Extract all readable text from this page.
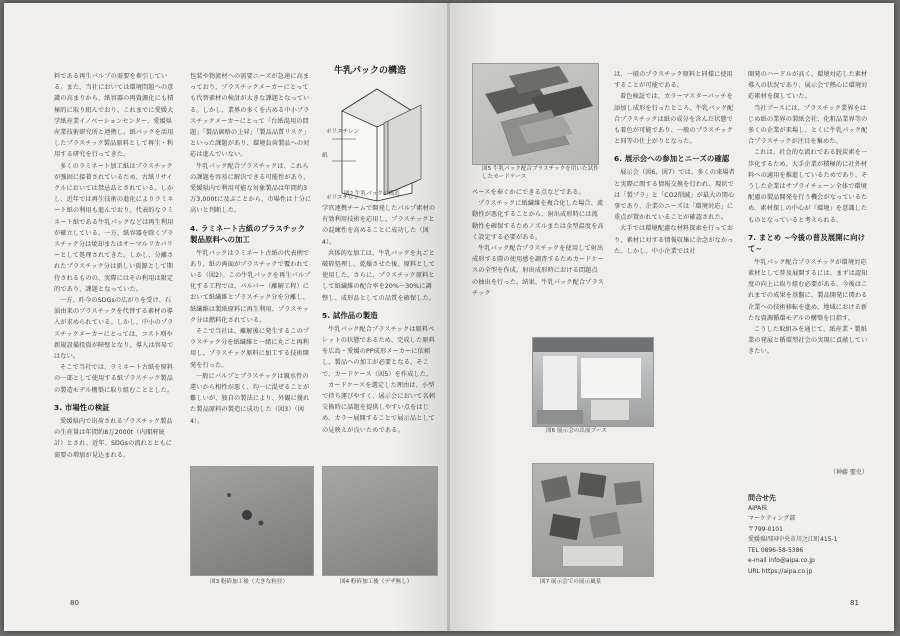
料である再生パルプの需要を牽引している。また、当社においては環境問題への意識の高まりから、紙容器の再資源化にも積極的に取り組んでおり、これまでに愛媛大学紙産業イノベーションセンター、愛媛県産業技術研究所と連携し、紙パックを活用したプラスチック製品原料として再生・利用する研究を行ってきた。

多くのラミネート加工紙はプラスチックが強固に接着されているため、古紙リサイクルにおいては禁忌品とされている。しかし、近年では再生技術の進化によりラミネート紙の利用も進んでおり、代表的なラミネート紙である牛乳パックなどは再生利用が確立している。一方、紙容器を除くプラスチック分は焼却またはサーマルリカバリーとして処理されてきた。しかし、分離されたプラスチック分は新しい資源として期待されるものの、実際にはその利用は限定的であり、課題となっていた。

一方、昨今のSDGsの広がりを受け、石油由来のプラスチックを代替する素材の導入が求められている。しかし、中小のプラスチックメーカーにとっては、コスト増や新規設備投資が障壁となり、導入は容易ではない。

そこで当社では、ラミネート古紙を原料の一部として使用する紙プラスチック製品の製造モデル構築に取り組むこととした。

3. 市場性の検証

愛媛県内で出荷されるプラスチック製品の生産量は年間約8万2000t（内閣府統計）とされ、近年、SDGsの流れとともに需要の増加が見込まれる。

包装や物流材への需要ニーズが急速に高まっており、プラスチックメーカーにとっても代替素材の検討が大きな課題となっている。しかし、業界の多くを占める中小プラスチックメーカーにとって「台紙混用の問題」「製品価格の上昇」「製品品質リスク」といった課題があり、環境負荷製品への対応は進んでいない。

牛乳パック配合プラスチックは、これらの課題を容易に解決できる可能性があり、愛媛県内で利用可能な対象製品は年間約3万3,000tに及ぶことから、市場性は十分に高いと判断した。

4. ラミネート古紙のプラスチック製品原料への加工

牛乳パックはラミネート古紙の代表例であり、紙の両面がプラスチックで覆われている（図2）。この牛乳パックを再生パルプ化する工程では、パルパー（離解工程）において紙繊維とプラスチック分を分離し、紙繊維は製紙原料に再生利用、プラスチック分は燃料化されている。

そこで当社は、離解後に発生するこのプラスチック分を紙繊維と一緒に丸ごと再利用し、プラスチック原料に加工する技術開発を行った。

一般にパルプとプラスチックは親水性の違いから相性が悪く、均一に混ぜることが難しいが、独自の製法により、外観に優れた製品原料の製造に成功した（図3）（図4）。

牛乳パックの構造
ポリエチレン
紙
ポリエチレン
図2 牛乳パックの構造

学官連携チームで開発したパルプ素材の有効利用技術を応用し、プラスチックとの混練性を高めることに成功した（図4）。

共体的な加工は、牛乳パックを丸ごと破砕処理し、乾燥させた後、原料として使用した。さらに、プラスチック原料として紙繊維の配合率を20%～30%に調整し、成形品としての品質を確保した。

5. 試作品の製造

牛乳パック配合プラスチックは原料ペレットの状態であるため、完成した原料を広島・愛媛のPP成形メーカーに依頼し、製品への加工が必要となる。そこで、カードケース（図5）を作成した。

カードケースを選定した理由は、小型で持ち運びやすく、展示会において名刺交換時に話題を提供しやすい点をはじめ、カラー展開することで展示品としての見映えが良いためである。

図3 粉砕加工後（大きな粒径）	図4 粉砕加工後（デザ無し）
80
図5 牛乳パック配合プラスチックを用いた試作したカードケース

ペースを奉ぐかにできる点などである。

プラスチックに紙繊維を複合化した場合、流動性が悪化することから、射出成形時には流動性を確保するためノズルまたは金型温度を高く設定する必要がある。

牛乳パック配合プラスチックを使用して射出成形する際の使用感を調査するためカードケースの全型を作成。射出成形時における問題点の抽出を行った。結果、牛乳パック配合プラスチック

は、一般のプラスチック原料と同様に使用することが可能である。

着色検証では、カラーマスターバッチを添加し成形を行ったところ、牛乳パック配合プラスチックは紙の成分を含んだ状態でも着色が可能であり、一般のプラスチックと同等の仕上がりとなった。

6. 展示会への参加とニーズの確認

展示会（図6、図7）では、多くの来場者と実際に関する情報交換を行われ、現状では「製プラ」と「CO2削減」が最大の関心事であり、企業のニーズは「環境対応」に重点が置かれていることが確認された。

大手では環境配慮な材料探索を行っており、素材に対する情報収集に余念がなかった。しかし、中小企業では社

図6 展示会の出展ブース
図7 展示会での展示風景

開発のハードルが高く、環境対応した素材導入の状況であり、展示会で熱心に環境対応素材を探していた。

当社ブースには、プラスチック業界をはじめ紙の業界の製紙会社、化粧品業界等の多くの企業が来場し、とくに牛乳パック配合プラスチックが注目を集めた。

これは、社会的な流れである脱炭素を一歩化するため、大手企業が積極的に社外材料への適用を推進しているためであり、そうした企業はサプライチェーン全体で環境配慮の製品開発を行う機会がなっているため、素材探しの中心が『環境』を意識したものとなっていると考えられる。

7. まとめ ~今後の普及展開に向けて~

牛乳パック配合プラスチックが環境対応素材として普及展開するには、まずは認知度の向上に取り組む必要がある。今後はこれまでの成果を基盤に、製品開発に関わる企業への技術移転を進め、地域における新たな資源循環モデルの構築を目指す。

こうした取組みを通じて、紙産業・製紙業の発展と循環型社会の実現に貢献していきたい。

（神藤 聖史）
問合せ先
AIPA株
マーケティング部
〒799-0101
愛媛県四国中央市川之江町415-1
TEL 0896-58-5386
e-mail info@aipa.co.jp
URL https://aipa.co.jp
81
